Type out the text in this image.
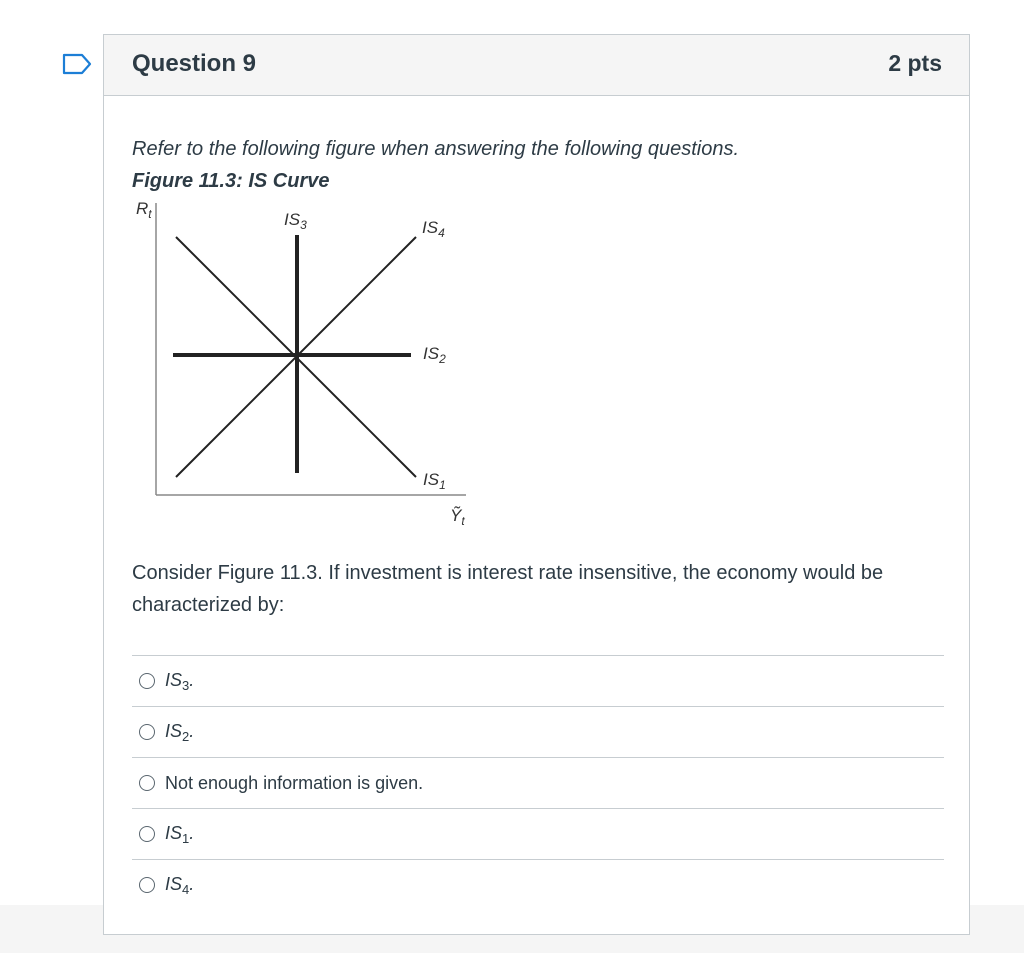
Question 9	2 pts
Refer to the following figure when answering the following questions.
Figure 11.3: IS Curve
$R_t$
Ỹ$_t$
$IS_3$	$IS_4$
$IS_2$
$IS_1$
Consider Figure 11.3. If investment is interest rate insensitive, the economy would be characterized by:
$IS_3$.
$IS_2$.
Not enough information is given.
$IS_1$.
$IS_4$.
